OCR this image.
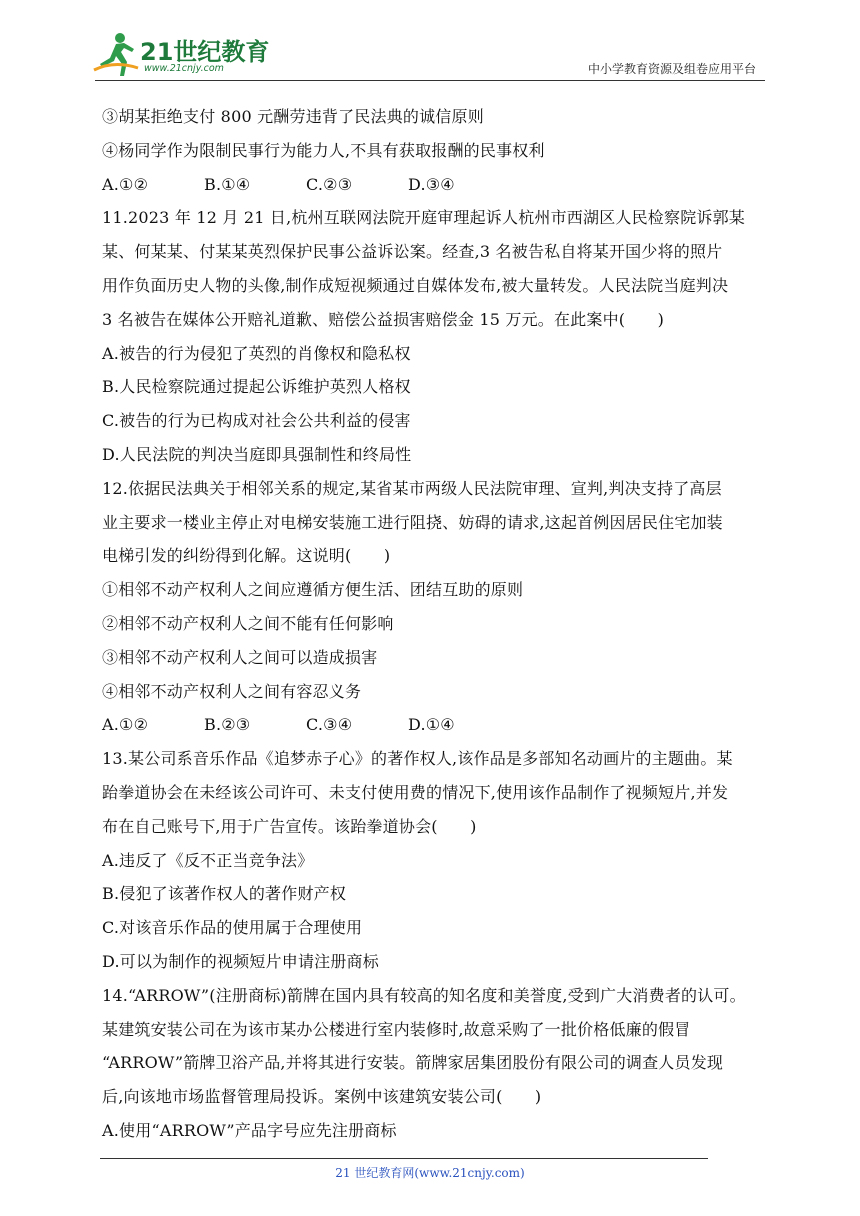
21世纪教育
www.21cnjy.com	中小学教育资源及组卷应用平台
③胡某拒绝支付 800 元酬劳违背了民法典的诚信原则
④杨同学作为限制民事行为能力人,不具有获取报酬的民事权利
A.①②	B.①④	C.②③	D.③④
11.2023 年 12 月 21 日,杭州互联网法院开庭审理起诉人杭州市西湖区人民检察院诉郭某
某、何某某、付某某英烈保护民事公益诉讼案。经查,3 名被告私自将某开国少将的照片
用作负面历史人物的头像,制作成短视频通过自媒体发布,被大量转发。人民法院当庭判决
3 名被告在媒体公开赔礼道歉、赔偿公益损害赔偿金 15 万元。在此案中(　　)
A.被告的行为侵犯了英烈的肖像权和隐私权
B.人民检察院通过提起公诉维护英烈人格权
C.被告的行为已构成对社会公共利益的侵害
D.人民法院的判决当庭即具强制性和终局性
12.依据民法典关于相邻关系的规定,某省某市两级人民法院审理、宣判,判决支持了高层
业主要求一楼业主停止对电梯安装施工进行阻挠、妨碍的请求,这起首例因居民住宅加装
电梯引发的纠纷得到化解。这说明(　　)
①相邻不动产权利人之间应遵循方便生活、团结互助的原则
②相邻不动产权利人之间不能有任何影响
③相邻不动产权利人之间可以造成损害
④相邻不动产权利人之间有容忍义务
A.①②	B.②③	C.③④	D.①④
13.某公司系音乐作品《追梦赤子心》的著作权人,该作品是多部知名动画片的主题曲。某
跆拳道协会在未经该公司许可、未支付使用费的情况下,使用该作品制作了视频短片,并发
布在自己账号下,用于广告宣传。该跆拳道协会(　　)
A.违反了《反不正当竞争法》
B.侵犯了该著作权人的著作财产权
C.对该音乐作品的使用属于合理使用
D.可以为制作的视频短片申请注册商标
14.“ARROW”(注册商标)箭牌在国内具有较高的知名度和美誉度,受到广大消费者的认可。
某建筑安装公司在为该市某办公楼进行室内装修时,故意采购了一批价格低廉的假冒
“ARROW”箭牌卫浴产品,并将其进行安装。箭牌家居集团股份有限公司的调查人员发现
后,向该地市场监督管理局投诉。案例中该建筑安装公司(　　)
A.使用“ARROW”产品字号应先注册商标
21 世纪教育网(www.21cnjy.com)
